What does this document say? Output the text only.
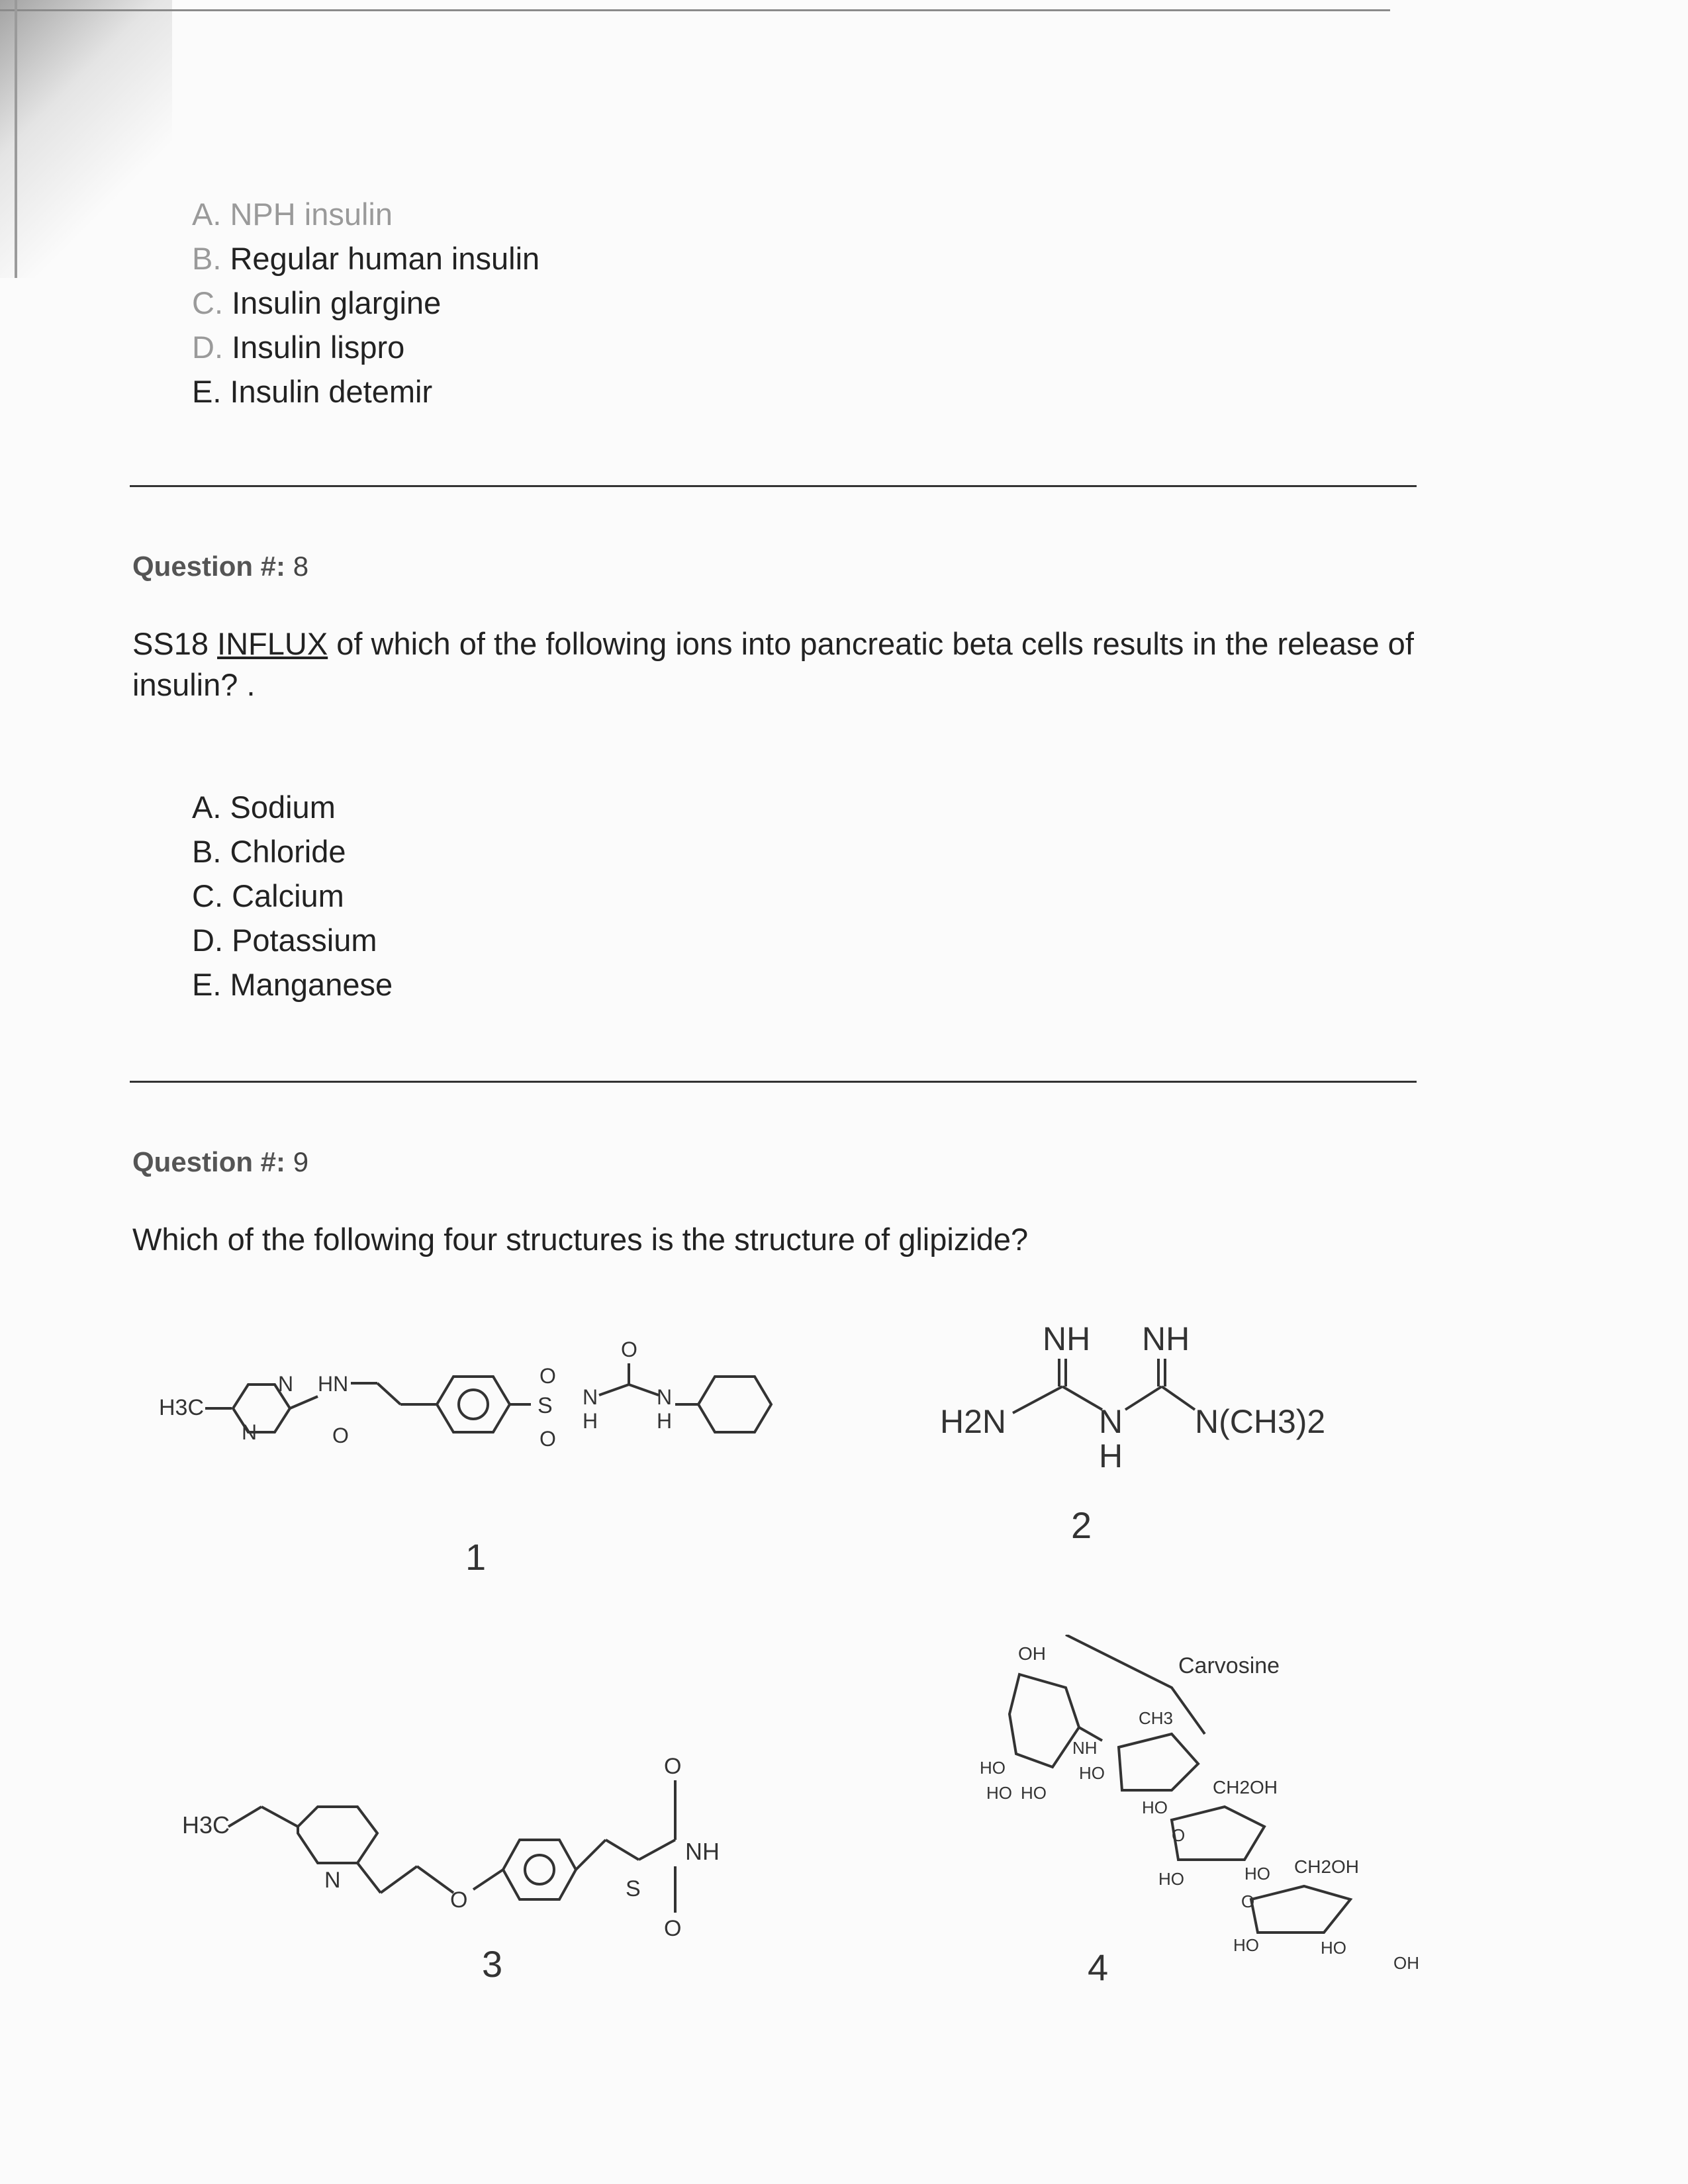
A. NPH insulin
B. Regular human insulin
C. Insulin glargine
D. Insulin lispro
E. Insulin detemir
Question #: 8
SS18 INFLUX of which of the following ions into pancreatic beta cells results in the release of insulin? .
A. Sodium
B. Chloride
C. Calcium
D. Potassium
E. Manganese
Question #: 9
Which of the following four structures is the structure of glipizide?
H3C
N
N
HN
O
O
S
O
N
H
O
N
H
1
NH NH
H2N	N
H
N(CH3)2
2
H3C
N
O	S
O
NH
O
3
Carvosine
OH
CH3
NH
HO
HO HO
HO
HO
CH2OH
O
HO	HO CH2OH
O
HO	HO
OH
4
